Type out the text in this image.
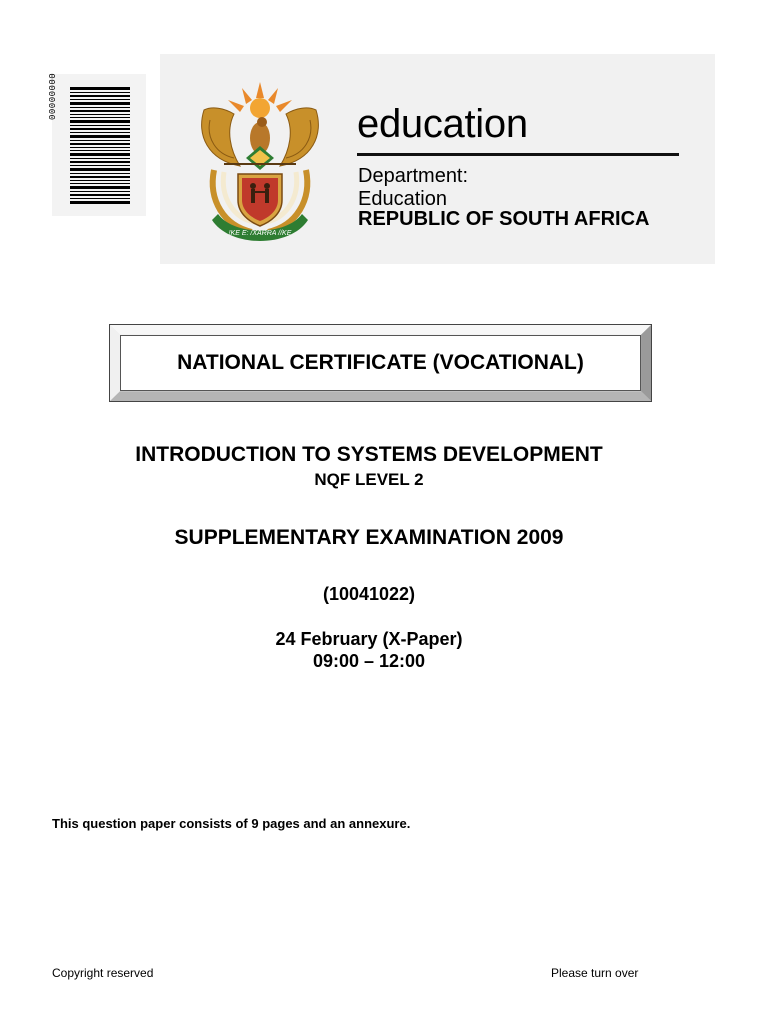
00000000
!KE E: /XARRA //KE
education
Department:
Education
REPUBLIC OF SOUTH AFRICA
NATIONAL CERTIFICATE (VOCATIONAL)
INTRODUCTION TO SYSTEMS DEVELOPMENT
NQF LEVEL 2
SUPPLEMENTARY EXAMINATION 2009
(10041022)
24 February (X-Paper)
09:00 – 12:00
This question paper consists of 9 pages and an annexure.
Copyright reserved	Please turn over
